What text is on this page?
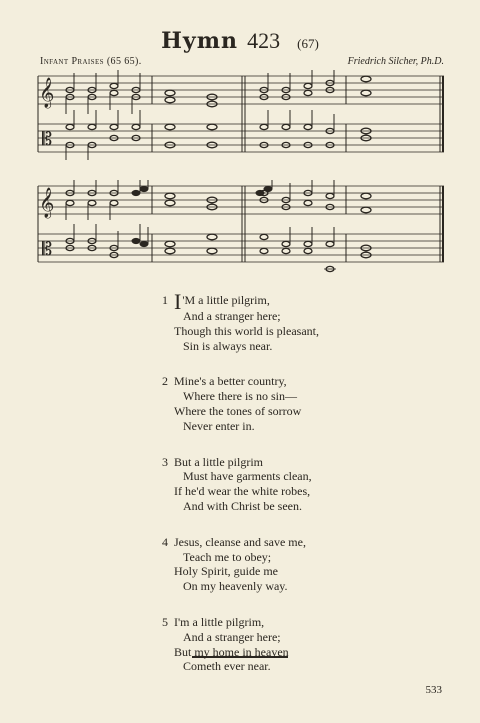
Hymn 423 (67)
Infant Praises (65 65).	Friedrich Silcher, Ph.D.
𝄞
𝄡
𝄞
𝄡
1 I'M a little pilgrim,
And a stranger here;
Though this world is pleasant,
Sin is always near.
2 Mine's a better country,
Where there is no sin—
Where the tones of sorrow
Never enter in.
3 But a little pilgrim
Must have garments clean,
If he'd wear the white robes,
And with Christ be seen.
4 Jesus, cleanse and save me,
Teach me to obey;
Holy Spirit, guide me
On my heavenly way.
5 I'm a little pilgrim,
And a stranger here;
But my home in heaven
Cometh ever near.
533
